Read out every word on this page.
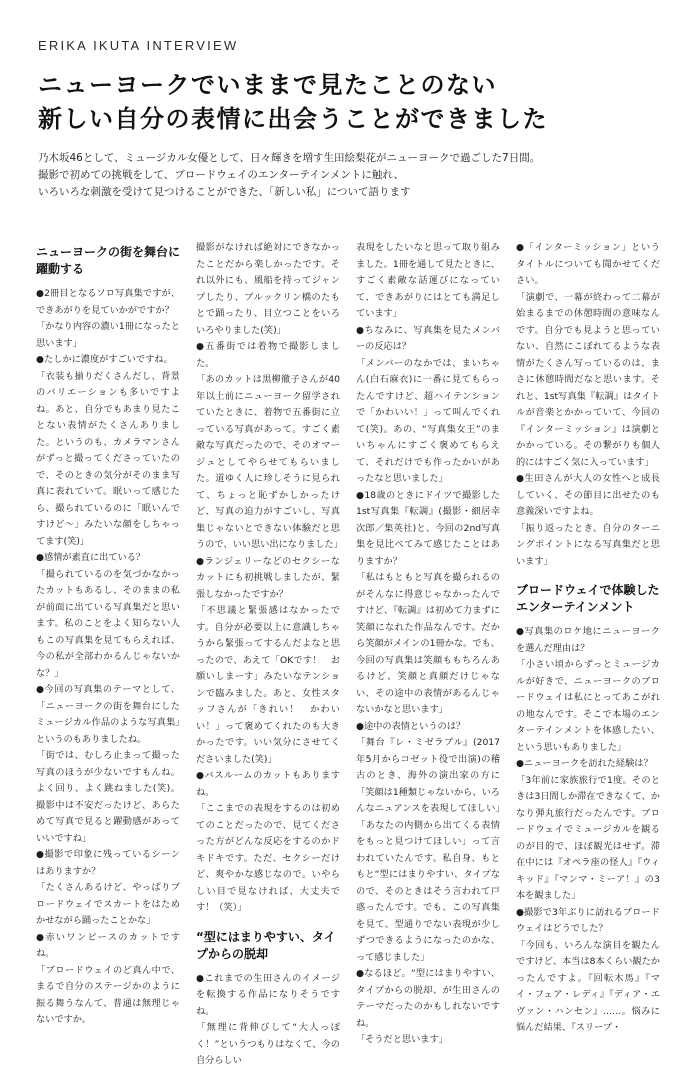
ERIKA IKUTA INTERVIEW
ニューヨークでいままで見たことのない
新しい自分の表情に出会うことができました
乃木坂46として、ミュージカル女優として、日々輝きを増す生田絵梨花がニューヨークで過ごした7日間。
撮影で初めての挑戦をして、ブロードウェイのエンターテインメントに触れ、
いろいろな刺激を受けて見つけることができた、「新しい私」について語ります
ニューヨークの街を舞台に躍動する

●2冊目となるソロ写真集ですが、できあがりを見ていかがですか？

「かなり内容の濃い1冊になったと思います」

●たしかに濃度がすごいですね。

「衣装も揃りだくさんだし、背景のバリエーションも多いですよね。あと、自分でもあまり見たことない表情がたくさんありました。というのも、カメラマンさんがずっと撮ってくださっていたので、そのときの気分がそのまま写真に表れていて。眠いって感じたら、撮られているのに「眠いんですけど〜」みたいな顔をしちゃってます(笑)」

●感情が素直に出ている？

「撮られているのを気づかなかったカットもあるし、そのままの私が前面に出ている写真集だと思います。私のことをよく知らない人もこの写真集を見てもらえれば、今の私が全部わかるんじゃないかな？」

●今回の写真集のテーマとして、「ニューヨークの街を舞台にしたミュージカル作品のような写真集」というのもありましたね。

「街では、むしろ止まって撮った写真のほうが少ないですもんね。よく回り、よく跳ねました(笑)。撮影中は不安だったけど、あらためて写真で見ると躍動感があっていいですね」

●撮影で印象に残っているシーンはありますか？

「たくさんあるけど、やっぱりブロードウェイでスカートをはためかせながら踊ったことかな」

●赤いワンピースのカットですね。

「ブロードウェイのど真ん中で、まるで自分のステージかのように振る舞うなんて、普通は無理じゃないですか。

撮影がなければ絶対にできなかったことだから楽しかったです。それ以外にも、風船を持ってジャンプしたり、ブルックリン橋のたもとで踊ったり、目立つことをいろいろやりました(笑)」

●五番街では着物で撮影しました。

「あのカットは黒柳徹子さんが40年以上前にニューヨーク留学されていたときに、着物で五番街に立っている写真があって。すごく素敵な写真だったので、そのオマージュとしてやらせてもらいました。道ゆく人に珍しそうに見られて、ちょっと恥ずかしかったけど、写真の迫力がすごいし、写真集じゃないとできない体験だと思うので、いい思い出になりました」

●ランジェリーなどのセクシーなカットにも初挑戦しましたが、緊張しなかったですか？

「不思議と緊張感はなかったです。自分が必要以上に意識しちゃうから緊張ってするんだよなと思ったので、あえて「OKです！　お願いしまーす」みたいなテンションで臨みました。あと、女性スタッフさんが「きれい！　かわいい！」って褒めてくれたのも大きかったです。いい気分にさせてくださいました(笑)」

●バスルームのカットもありますね。

「ここまでの表現をするのは初めてのことだったので、見てくださった方がどんな反応をするのかドキドキです。ただ、セクシーだけど、爽やかな感じなので。いやらしい目で見なければ、大丈夫です！（笑）」

“型にはまりやすい、タイプからの脱却

●これまでの生田さんのイメージを転換する作品になりそうですね。

「無理に背伸びして“大人っぽく！”というつもりはなくて、今の自分らしい

表現をしたいなと思って取り組みました。1冊を通して見たときに、すごく素敵な話運びになっていて、できあがりにはとても満足しています」

●ちなみに、写真集を見たメンバーの反応は？

「メンバーのなかでは、まいちゃん(白石麻衣)に一番に見てもらったんですけど、超ハイテンションで「かわいい！」って叫んでくれて(笑)。あの、“写真集女王”のまいちゃんにすごく褒めてもらえて、それだけでも作ったかいがあったなと思いました」

●18歳のときにドイツで撮影した1st写真集『転調』(撮影・細居幸次郎／集英社)と、今回の2nd写真集を見比べてみて感じたことはありますか？

「私はもともと写真を撮られるのがそんなに得意じゃなかったんですけど、『転調』は初めて力まずに笑顔になれた作品なんです。だから笑顔がメインの1冊かな。でも、今回の写真集は笑顔ももちろんあるけど、笑顔と真顔だけじゃない、その途中の表情があるんじゃないかなと思います」

●途中の表情というのは？

「舞台『レ・ミゼラブル』(2017年5月からコゼット役で出演)の稽古のとき、海外の演出家の方に「笑顔は1種類じゃないから、いろんなニュアンスを表現してほしい」「あなたの内側から出てくる表情をもっと見つけてほしい」って言われていたんです。私自身、もともと“型にはまりやすい、タイプなので、そのときはそう言われて戸惑ったんです。でも、この写真集を見て、型通りでない表現が少しずつできるようになったのかな、って感じました」

●なるほど。“型にはまりやすい、タイプからの脱却、が生田さんのテーマだったのかもしれないですね。

「そうだと思います」

●「インターミッション」というタイトルについても聞かせてください。

「演劇で、一幕が終わって二幕が始まるまでの休憩時間の意味なんです。自分でも見ようと思っていない、自然にこぼれてるような表情がたくさん写っているのは、まさに休憩時間だなと思います。それと、1st写真集『転調』はタイトルが音楽とかかっていて、今回の『インターミッション』は演劇とかかっている。その繋がりも個人的にはすごく気に入っています」

●生田さんが大人の女性へと成長していく、その節目に出せたのも意義深いですよね。

「振り返ったとき、自分のターニングポイントになる写真集だと思います」

ブロードウェイで体験したエンターテインメント

●写真集のロケ地にニューヨークを選んだ理由は？

「小さい頃からずっとミュージカルが好きで、ニューヨークのブロードウェイは私にとってあこがれの地なんです。そこで本場のエンターテインメントを体感したい、という思いもありました」

●ニューヨークを訪れた経験は？

「3年前に家族旅行で1度。そのときは3日間しか滞在できなくて、かなり弾丸旅行だったんです。ブロードウェイでミュージカルを観るのが目的で、ほぼ観光はせず。滞在中には『オペラ座の怪人』『ウィキッド』『マンマ・ミーア！』の3本を観ました」

●撮影で3年ぶりに訪れるブロードウェイはどうでした？

「今回も、いろんな演目を観たんですけど、本当は8本くらい観たかったんですよ。『回転木馬』『マイ・フェア・レディ』『ディア・エヴァン・ハンセン』……。悩みに悩んだ結果、『スリープ・
